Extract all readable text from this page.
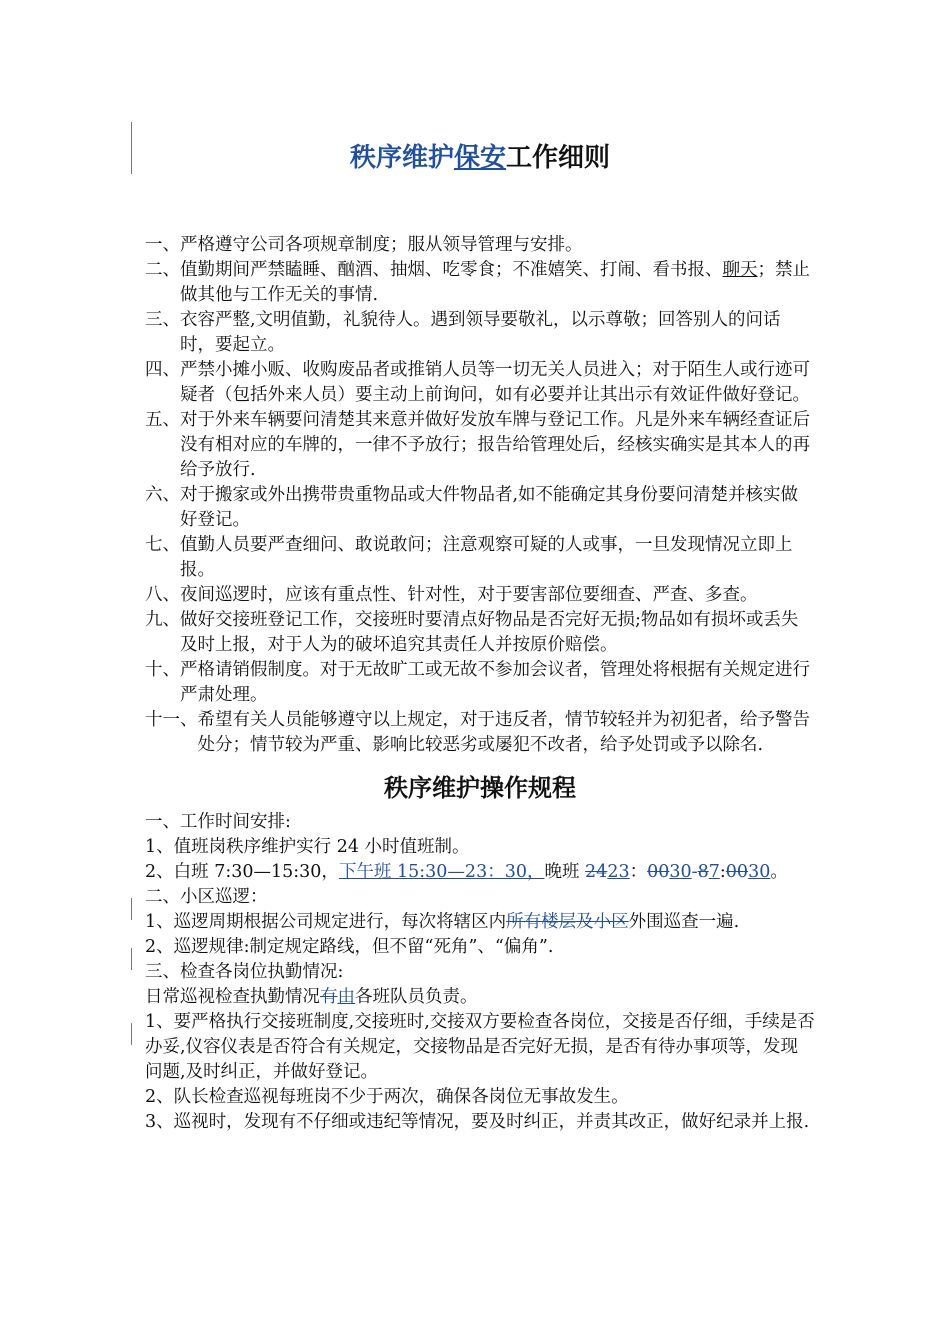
秩序维护保安工作细则
一、 严格遵守公司各项规章制度；服从领导管理与安排。
二、 值勤期间严禁瞌睡、酗酒、抽烟、吃零食；不准嬉笑、打闹、看书报、聊天；禁止做其他与工作无关的事情.
三、 衣容严整,文明值勤，礼貌待人。遇到领导要敬礼，以示尊敬；回答别人的问话时，要起立。
四、 严禁小摊小贩、收购废品者或推销人员等一切无关人员进入；对于陌生人或行迹可疑者（包括外来人员）要主动上前询问，如有必要并让其出示有效证件做好登记。
五、 对于外来车辆要问清楚其来意并做好发放车牌与登记工作。凡是外来车辆经查证后没有相对应的车牌的，一律不予放行；报告给管理处后，经核实确实是其本人的再给予放行.
六、 对于搬家或外出携带贵重物品或大件物品者,如不能确定其身份要问清楚并核实做好登记。
七、 值勤人员要严查细问、敢说敢问；注意观察可疑的人或事，一旦发现情况立即上报。
八、 夜间巡逻时，应该有重点性、针对性，对于要害部位要细查、严查、多查。
九、 做好交接班登记工作，交接班时要清点好物品是否完好无损;物品如有损坏或丢失及时上报，对于人为的破坏追究其责任人并按原价赔偿。
十、 严格请销假制度。对于无故旷工或无故不参加会议者，管理处将根据有关规定进行严肃处理。
十一、 希望有关人员能够遵守以上规定，对于违反者，情节较轻并为初犯者，给予警告处分；情节较为严重、影响比较恶劣或屡犯不改者，给予处罚或予以除名.
秩序维护操作规程
一、工作时间安排:
1、值班岗秩序维护实行 24 小时值班制。
2、白班 7:30—15:30，下午班 15:30—23：30，晚班 2423：0030-87:0030。
二、小区巡逻：
1、巡逻周期根据公司规定进行，每次将辖区内所有楼层及小区外围巡查一遍.
2、巡逻规律:制定规定路线，但不留“死角”、“偏角”.
三、检查各岗位执勤情况:
日常巡视检查执勤情况有由各班队员负责。
1、要严格执行交接班制度,交接班时,交接双方要检查各岗位，交接是否仔细，手续是否办妥,仪容仪表是否符合有关规定，交接物品是否完好无损，是否有待办事项等，发现问题,及时纠正，并做好登记。
2、队长检查巡视每班岗不少于两次，确保各岗位无事故发生。
3、巡视时，发现有不仔细或违纪等情况，要及时纠正，并责其改正，做好纪录并上报.
